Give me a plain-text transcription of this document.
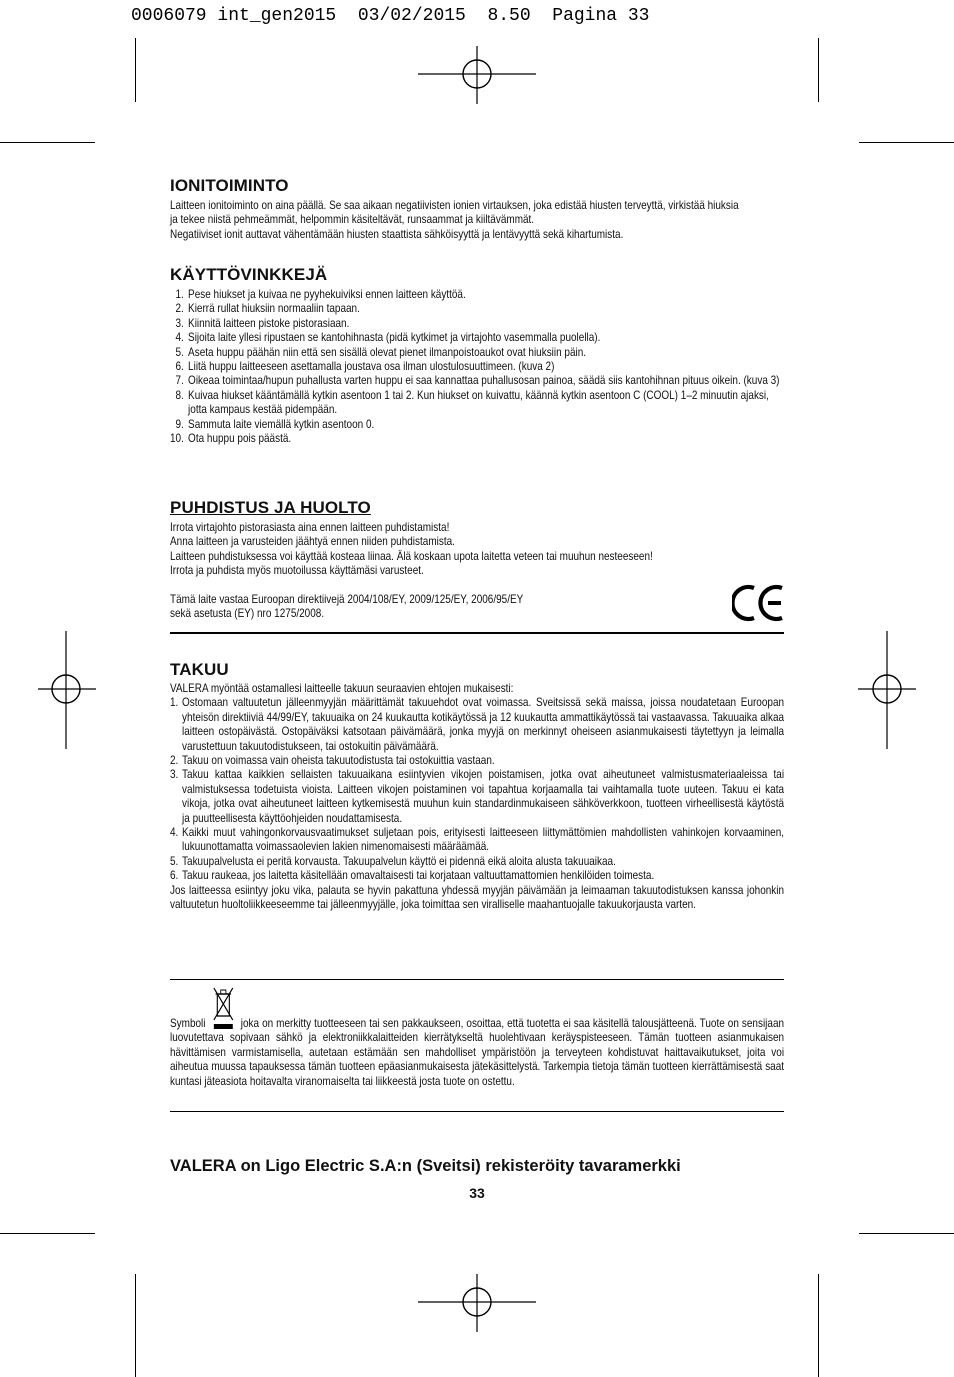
0006079 int_gen2015  03/02/2015  8.50  Pagina 33
IONITOIMINTO
Laitteen ionitoiminto on aina päällä. Se saa aikaan negatiivisten ionien virtauksen, joka edistää hiusten terveyttä, virkistää hiuksia
ja tekee niistä pehmeämmät, helpommin käsiteltävät, runsaammat ja kiiltävämmät.
Negatiiviset ionit auttavat vähentämään hiusten staattista sähköisyyttä ja lentävyyttä sekä kihartumista.
KÄYTTÖVINKKEJÄ
1. Pese hiukset ja kuivaa ne pyyhekuiviksi ennen laitteen käyttöä.
2. Kierrä rullat hiuksiin normaaliin tapaan.
3. Kiinnitä laitteen pistoke pistorasiaan.
4. Sijoita laite yllesi ripustaen se kantohihnasta (pidä kytkimet ja virtajohto vasemmalla puolella).
5. Aseta huppu päähän niin että sen sisällä olevat pienet ilmanpoistoaukot ovat hiuksiin päin.
6. Liitä huppu laitteeseen asettamalla joustava osa ilman ulostulosuuttimeen. (kuva 2)
7. Oikeaa toimintaa/hupun puhallusta varten huppu ei saa kannattaa puhallusosan painoa, säädä siis kantohihnan pituus oikein. (kuva 3)
8. Kuivaa hiukset kääntämällä kytkin asentoon 1 tai 2. Kun hiukset on kuivattu, käännä kytkin asentoon C (COOL) 1–2 minuutin ajaksi, jotta kampaus kestää pidempään.
9. Sammuta laite viemällä kytkin asentoon 0.
10. Ota huppu pois päästä.
PUHDISTUS JA HUOLTO
Irrota virtajohto pistorasiasta aina ennen laitteen puhdistamista!
Anna laitteen ja varusteiden jäähtyä ennen niiden puhdistamista.
Laitteen puhdistuksessa voi käyttää kosteaa liinaa. Älä koskaan upota laitetta veteen tai muuhun nesteeseen!
Irrota ja puhdista myös muotoilussa käyttämäsi varusteet.
Tämä laite vastaa Euroopan direktiivejä 2004/108/EY, 2009/125/EY, 2006/95/EY
sekä asetusta (EY) nro 1275/2008.
TAKUU
VALERA myöntää ostamallesi laitteelle takuun seuraavien ehtojen mukaisesti:
1. Ostomaan valtuutetun jälleenmyyjän määrittämät takuuehdot ovat voimassa. Sveitsissä sekä maissa, joissa noudatetaan Euroopan yhteisön direktiiviä 44/99/EY, takuuaika on 24 kuukautta kotikäytössä ja 12 kuukautta ammattikäytössä tai vastaavassa. Takuuaika alkaa laitteen ostopäivästä. Ostopäiväksi katsotaan päivämäärä, jonka myyjä on merkinnyt oheiseen asianmukaisesti täytettyyn ja leimalla varustettuun takuutodistukseen, tai ostokuitin päivämäärä.
2. Takuu on voimassa vain oheista takuutodistusta tai ostokuittia vastaan.
3. Takuu kattaa kaikkien sellaisten takuuaikana esiintyvien vikojen poistamisen, jotka ovat aiheutuneet valmistusmateriaaleissa tai valmistuksessa todetuista vioista. Laitteen vikojen poistaminen voi tapahtua korjaamalla tai vaihtamalla tuote uuteen. Takuu ei kata vikoja, jotka ovat aiheutuneet laitteen kytkemisestä muuhun kuin standardinmukaiseen sähköverkkoon, tuotteen virheellisestä käytöstä ja puutteellisesta käyttöohjeiden noudattamisesta.
4. Kaikki muut vahingonkorvausvaatimukset suljetaan pois, erityisesti laitteeseen liittymättömien mahdollisten vahinkojen korvaaminen, lukuunottamatta voimassaolevien lakien nimenomaisesti määräämää.
5. Takuupalvelusta ei peritä korvausta. Takuupalvelun käyttö ei pidennä eikä aloita alusta takuuaikaa.
6. Takuu raukeaa, jos laitetta käsitellään omavaltaisesti tai korjataan valtuuttamattomien henkilöiden toimesta.
Jos laitteessa esiintyy joku vika, palauta se hyvin pakattuna yhdessä myyjän päivämään ja leimaaman takuutodistuksen kanssa johonkin valtuutetun huoltoliikkeeseemme tai jälleenmyyjälle, joka toimittaa sen viralliselle maahantuojalle takuukorjausta varten.
Symboli	joka on merkitty tuotteeseen tai sen pakkaukseen, osoittaa, että tuotetta ei saa käsitellä talousjätteenä. Tuote on sensijaan luovutettava sopivaan sähkö ja elektroniikkalaitteiden kierrätykseltä huolehtivaan keräyspisteeseen. Tämän tuotteen asianmukaisen hävittämisen varmistamisella, autetaan estämään sen mahdolliset ympäristöön ja terveyteen kohdistuvat haittavaikutukset, joita voi aiheutua muussa tapauksessa tämän tuotteen epäasianmukaisesta jätekäsittelystä. Tarkempia tietoja tämän tuotteen kierrättämisestä saat kuntasi jäteasiota hoitavalta viranomaiselta tai liikkeestä josta tuote on ostettu.
VALERA on Ligo Electric S.A:n (Sveitsi) rekisteröity tavaramerkki
33
